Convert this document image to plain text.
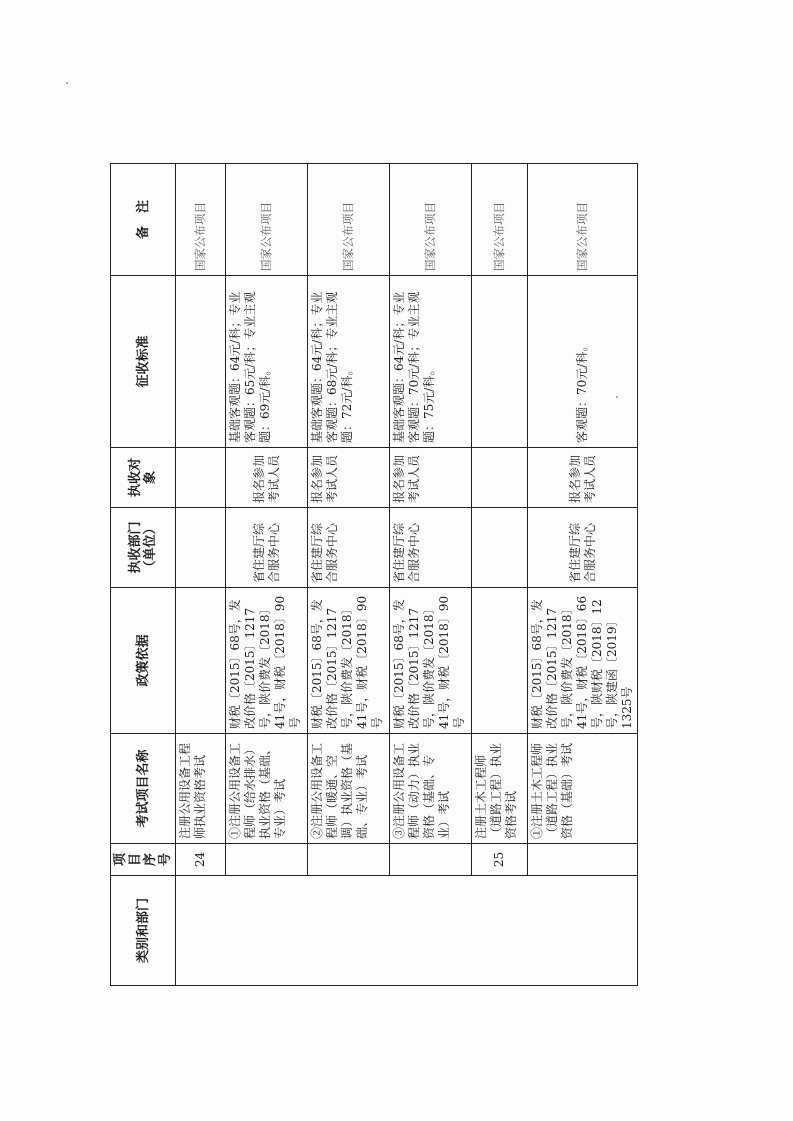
类别和部门	项目序号	考试项目名称	政策依据	执收部门（单位）	执收对象	征收标准	备　注
	24	注册公用设备工程师执业资格考试					国家公布项目
		①注册公用设备工程师（给水排水）执业资格（基础、专业）考试	财税〔2015〕68号，发改价格〔2015〕1217号，陕价费发〔2018〕41号，财税〔2018〕90号	省住建厅综合服务中心	报名参加考试人员	基础客观题：64元/科；专业客观题：65元/科；专业主观题：69元/科。	国家公布项目
		②注册公用设备工程师（暖通、空调）执业资格（基础、专业）考试	财税〔2015〕68号，发改价格〔2015〕1217号，陕价费发〔2018〕41号，财税〔2018〕90号	省住建厅综合服务中心	报名参加考试人员	基础客观题：64元/科；专业客观题：68元/科；专业主观题：72元/科。	国家公布项目
		③注册公用设备工程师（动力）执业资格（基础、专业）考试	财税〔2015〕68号，发改价格〔2015〕1217号，陕价费发〔2018〕41号，财税〔2018〕90号	省住建厅综合服务中心	报名参加考试人员	基础客观题：64元/科；专业客观题：70元/科；专业主观题：75元/科。	国家公布项目
	25	注册土木工程师（道路工程）执业资格考试					国家公布项目
		①注册土木工程师（道路工程）执业资格（基础）考试	财税〔2015〕68号，发改价格〔2015〕1217号，陕价费发〔2018〕41号，财税〔2018〕66号，陕财税〔2018〕12号，陕建函〔2019〕1325号	省住建厅综合服务中心	报名参加考试人员	客观题：70元/科。	国家公布项目
